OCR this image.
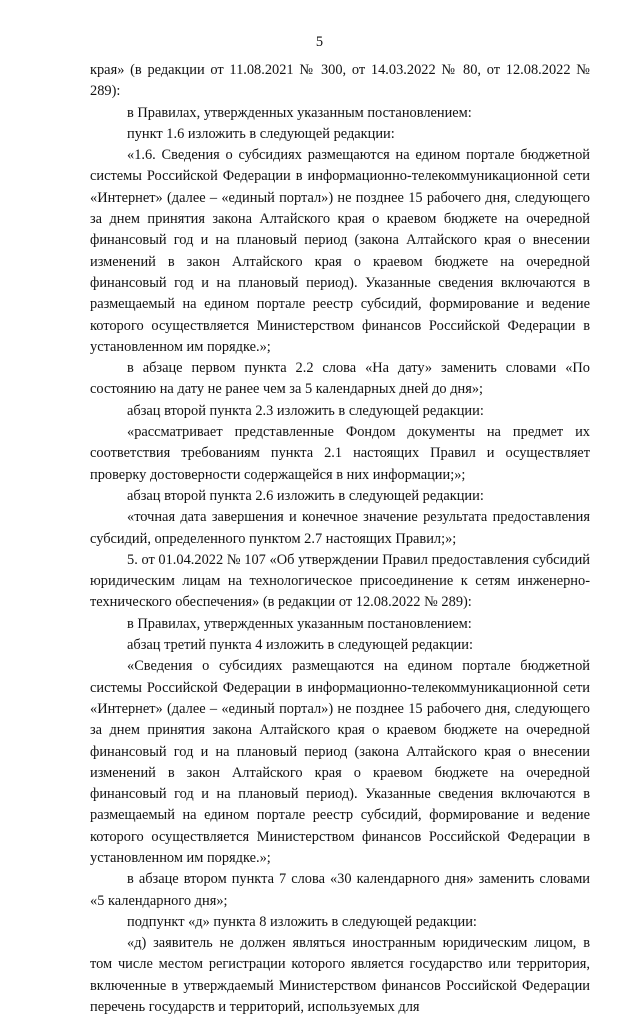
5

края» (в редакции от 11.08.2021 № 300, от 14.03.2022 № 80, от 12.08.2022 № 289):

в Правилах, утвержденных указанным постановлением:

пункт 1.6 изложить в следующей редакции:

«1.6. Сведения о субсидиях размещаются на едином портале бюджетной системы Российской Федерации в информационно-телекоммуникационной сети «Интернет» (далее – «единый портал») не позднее 15 рабочего дня, следующего за днем принятия закона Алтайского края о краевом бюджете на очередной финансовый год и на плановый период (закона Алтайского края о внесении изменений в закон Алтайского края о краевом бюджете на очередной финансовый год и на плановый период). Указанные сведения включаются в размещаемый на едином портале реестр субсидий, формирование и ведение которого осуществляется Министерством финансов Российской Федерации в установленном им порядке.»;

в абзаце первом пункта 2.2 слова «На дату» заменить словами «По состоянию на дату не ранее чем за 5 календарных дней до дня»;

абзац второй пункта 2.3 изложить в следующей редакции:

«рассматривает представленные Фондом документы на предмет их соответствия требованиям пункта 2.1 настоящих Правил и осуществляет проверку достоверности содержащейся в них информации;»;

абзац второй пункта 2.6 изложить в следующей редакции:

«точная дата завершения и конечное значение результата предоставления субсидий, определенного пунктом 2.7 настоящих Правил;»;

5. от 01.04.2022 № 107 «Об утверждении Правил предоставления субсидий юридическим лицам на технологическое присоединение к сетям инженерно-технического обеспечения» (в редакции от 12.08.2022 № 289):

в Правилах, утвержденных указанным постановлением:

абзац третий пункта 4 изложить в следующей редакции:

«Сведения о субсидиях размещаются на едином портале бюджетной системы Российской Федерации в информационно-телекоммуникационной сети «Интернет» (далее – «единый портал») не позднее 15 рабочего дня, следующего за днем принятия закона Алтайского края о краевом бюджете на очередной финансовый год и на плановый период (закона Алтайского края о внесении изменений в закон Алтайского края о краевом бюджете на очередной финансовый год и на плановый период). Указанные сведения включаются в размещаемый на едином портале реестр субсидий, формирование и ведение которого осуществляется Министерством финансов Российской Федерации в установленном им порядке.»;

в абзаце втором пункта 7 слова «30 календарного дня» заменить словами «5 календарного дня»;

подпункт «д» пункта 8 изложить в следующей редакции:

«д) заявитель не должен являться иностранным юридическим лицом, в том числе местом регистрации которого является государство или территория, включенные в утверждаемый Министерством финансов Российской Федерации перечень государств и территорий, используемых для
